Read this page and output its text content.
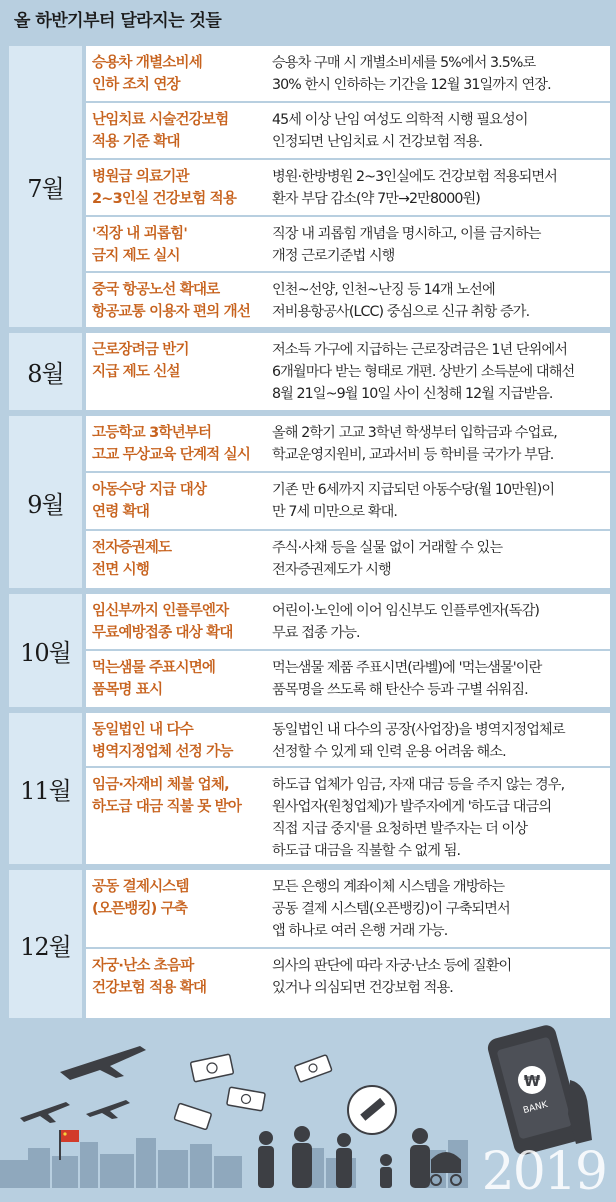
올 하반기부터 달라지는 것들
7월
승용차 개별소비세
인하 조치 연장
승용차 구매 시 개별소비세를 5%에서 3.5%로
30% 한시 인하하는 기간을 12월 31일까지 연장.
난임치료 시술건강보험
적용 기준 확대
45세 이상 난임 여성도 의학적 시행 필요성이
인정되면 난임치료 시 건강보험 적용.
병원급 의료기관
2~3인실 건강보험 적용
병원·한방병원 2~3인실에도 건강보험 적용되면서
환자 부담 감소(약 7만→2만8000원)
'직장 내 괴롭힘'
금지 제도 실시
직장 내 괴롭힘 개념을 명시하고, 이를 금지하는
개정 근로기준법 시행
중국 항공노선 확대로
항공교통 이용자 편의 개선
인천~선양, 인천~난징 등 14개 노선에
저비용항공사(LCC) 중심으로 신규 취항 증가.
8월
근로장려금 반기
지급 제도 신설
저소득 가구에 지급하는 근로장려금은 1년 단위에서
6개월마다 받는 형태로 개편. 상반기 소득분에 대해선
8월 21일~9월 10일 사이 신청해 12월 지급받음.
9월
고등학교 3학년부터
고교 무상교육 단계적 실시
올해 2학기 고교 3학년 학생부터 입학금과 수업료,
학교운영지원비, 교과서비 등 학비를 국가가 부담.
아동수당 지급 대상
연령 확대
기존 만 6세까지 지급되던 아동수당(월 10만원)이
만 7세 미만으로 확대.
전자증권제도
전면 시행
주식·사채 등을 실물 없이 거래할 수 있는
전자증권제도가 시행
10월
임신부까지 인플루엔자
무료예방접종 대상 확대
어린이·노인에 이어 임신부도 인플루엔자(독감)
무료 접종 가능.
먹는샘물 주표시면에
품목명 표시
먹는샘물 제품 주표시면(라벨)에 '먹는샘물'이란
품목명을 쓰도록 해 탄산수 등과 구별 쉬워짐.
11월
동일법인 내 다수
병역지정업체 선정 가능
동일법인 내 다수의 공장(사업장)을 병역지정업체로
선정할 수 있게 돼 인력 운용 어려움 해소.
임금·자재비 체불 업체,
하도급 대금 직불 못 받아
하도급 업체가 임금, 자재 대금 등을 주지 않는 경우,
원사업자(원청업체)가 발주자에게 '하도급 대금의
직접 지급 중지'를 요청하면 발주자는 더 이상
하도급 대금을 직불할 수 없게 됨.
12월
공동 결제시스템
(오픈뱅킹) 구축
모든 은행의 계좌이체 시스템을 개방하는
공동 결제 시스템(오픈뱅킹)이 구축되면서
앱 하나로 여러 은행 거래 가능.
자궁·난소 초음파
건강보험 적용 확대
의사의 판단에 따라 자궁·난소 등에 질환이
있거나 의심되면 건강보험 적용.
₩
BANK
2019
